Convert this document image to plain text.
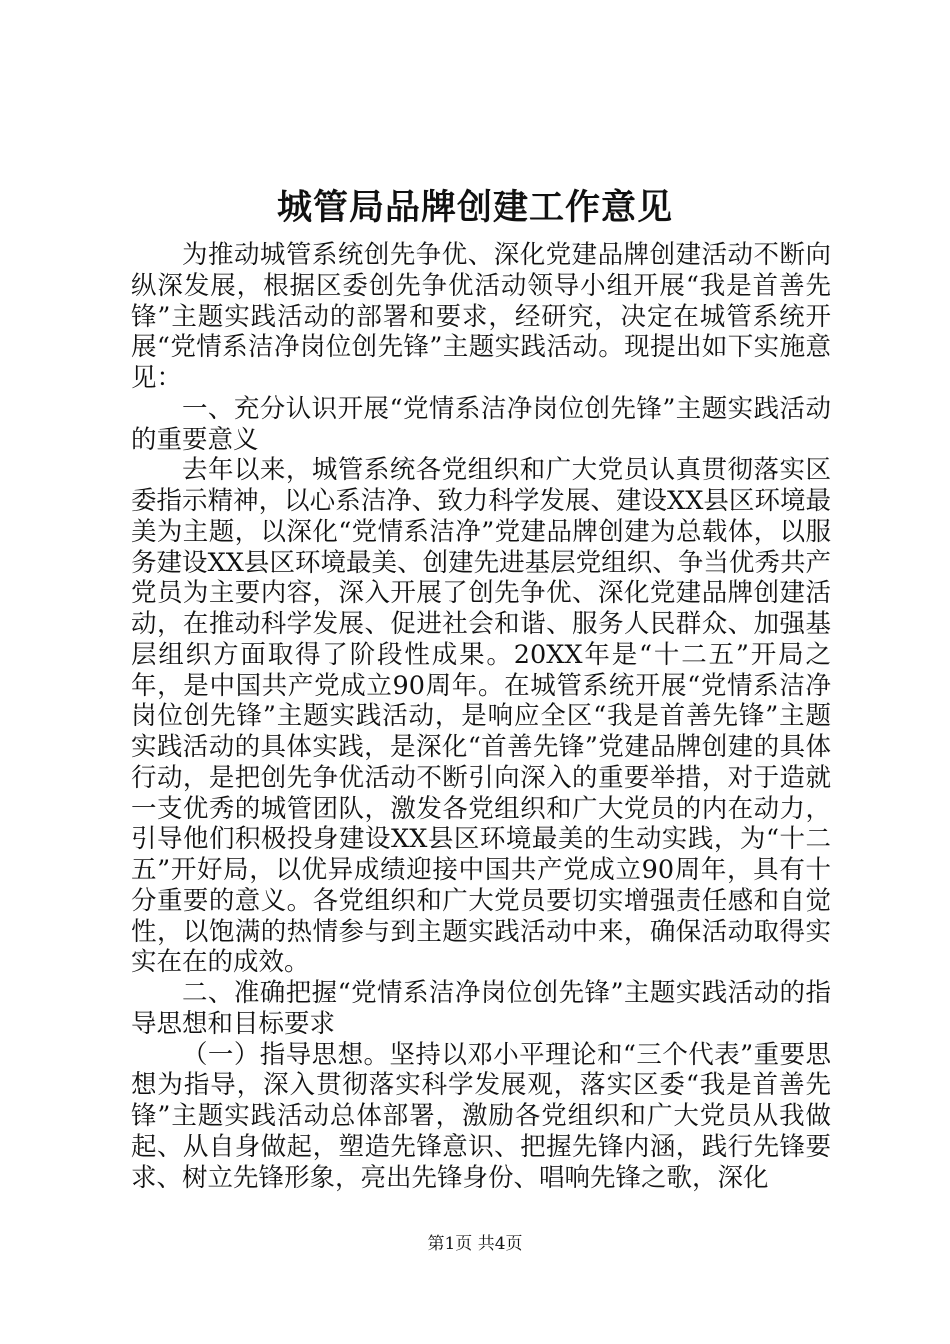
城管局品牌创建工作意见

为推动城管系统创先争优、深化党建品牌创建活动不断向纵深发展，根据区委创先争优活动领导小组开展“我是首善先锋”主题实践活动的部署和要求，经研究，决定在城管系统开展“党情系洁净岗位创先锋”主题实践活动。现提出如下实施意见：

一、充分认识开展“党情系洁净岗位创先锋”主题实践活动的重要意义

去年以来，城管系统各党组织和广大党员认真贯彻落实区委指示精神，以心系洁净、致力科学发展、建设XX县区环境最美为主题，以深化“党情系洁净”党建品牌创建为总载体，以服务建设XX县区环境最美、创建先进基层党组织、争当优秀共产党员为主要内容，深入开展了创先争优、深化党建品牌创建活动，在推动科学发展、促进社会和谐、服务人民群众、加强基层组织方面取得了阶段性成果。20XX年是“十二五”开局之年，是中国共产党成立90周年。在城管系统开展“党情系洁净岗位创先锋”主题实践活动，是响应全区“我是首善先锋”主题实践活动的具体实践，是深化“首善先锋”党建品牌创建的具体行动，是把创先争优活动不断引向深入的重要举措，对于造就一支优秀的城管团队，激发各党组织和广大党员的内在动力，引导他们积极投身建设XX县区环境最美的生动实践，为“十二五”开好局，以优异成绩迎接中国共产党成立90周年，具有十分重要的意义。各党组织和广大党员要切实增强责任感和自觉性，以饱满的热情参与到主题实践活动中来，确保活动取得实实在在的成效。

二、准确把握“党情系洁净岗位创先锋”主题实践活动的指导思想和目标要求

（一）指导思想。坚持以邓小平理论和“三个代表”重要思想为指导，深入贯彻落实科学发展观，落实区委“我是首善先锋”主题实践活动总体部署，激励各党组织和广大党员从我做起、从自身做起，塑造先锋意识、把握先锋内涵，践行先锋要求、树立先锋形象，亮出先锋身份、唱响先锋之歌，深化

第1页 共4页
